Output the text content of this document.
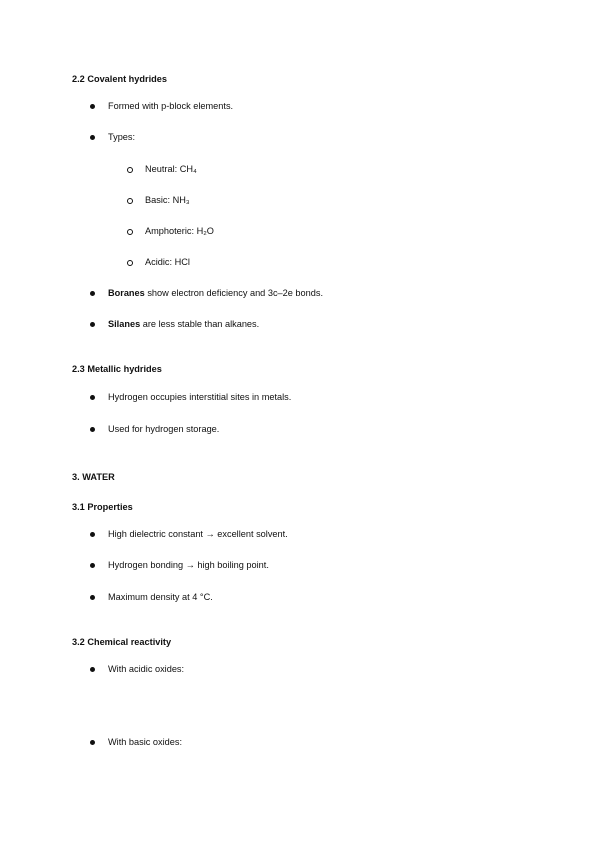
2.2 Covalent hydrides
Formed with p-block elements.
Types:
Neutral: CH₄
Basic: NH₃
Amphoteric: H₂O
Acidic: HCl
Boranes show electron deficiency and 3c–2e bonds.
Silanes are less stable than alkanes.
2.3 Metallic hydrides
Hydrogen occupies interstitial sites in metals.
Used for hydrogen storage.
3. WATER
3.1 Properties
High dielectric constant → excellent solvent.
Hydrogen bonding → high boiling point.
Maximum density at 4 °C.
3.2 Chemical reactivity
With acidic oxides:
With basic oxides:
